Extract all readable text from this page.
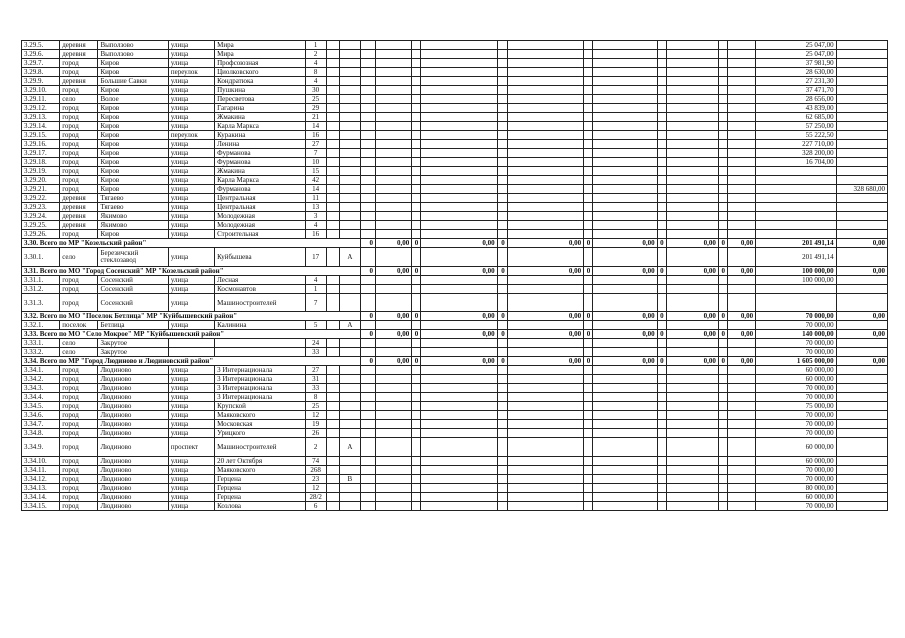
3.29.5.	деревня	Выползово	улица	Мира	1															25 047,00	
3.29.6.	деревня	Выползово	улица	Мира	2															25 047,00	
3.29.7.	город	Киров	улица	Профсоюзная	4															37 981,90	
3.29.8.	город	Киров	переулок	Циолковского	8															28 630,00	
3.29.9.	деревня	Большие Савки	улица	Кондратюка	4															27 231,30	
3.29.10.	город	Киров	улица	Пушкина	30															37 471,70	
3.29.11.	село	Волое	улица	Пересветова	25															28 656,00	
3.29.12.	город	Киров	улица	Гагарина	29															43 839,00	
3.29.13.	город	Киров	улица	Жмакина	21															62 685,00	
3.29.14.	город	Киров	улица	Карла Маркса	14															57 250,00	
3.29.15.	город	Киров	переулок	Куракина	16															55 222,50	
3.29.16.	город	Киров	улица	Ленина	27															227 710,00	
3.29.17.	город	Киров	улица	Фурманова	7															328 200,00	
3.29.18.	город	Киров	улица	Фурманова	10															16 704,00	
3.29.19.	город	Киров	улица	Жмакина	15																
3.29.20.	город	Киров	улица	Карла Маркса	42																
3.29.21.	город	Киров	улица	Фурманова	14																328 680,00
3.29.22.	деревня	Тягаево	улица	Центральная	11																
3.29.23.	деревня	Тягаево	улица	Центральная	13																
3.29.24.	деревня	Якимово	улица	Молодежная	3																
3.29.25.	деревня	Якимово	улица	Молодежная	4																
3.29.26.	город	Киров	улица	Строительная	16																
3.30. Всего по МР "Козельский район"								0	0,00	0	0,00	0	0,00	0	0,00	0	0,00	0	0,00	201 491,14	0,00
3.30.1.	село	Березичский стеклозавод	улица	Куйбышева	17		А													201 491,14	
3.31. Всего по МО "Город Сосенский" МР "Козельский район"								0	0,00	0	0,00	0	0,00	0	0,00	0	0,00	0	0,00	100 000,00	0,00
3.31.1.	город	Сосенский	улица	Лесная	4															100 000,00	
3.31.2.	город	Сосенский	улица	Космонавтов	1																
3.31.3.	город	Сосенский	улица	Машиностроителей	7																
3.32. Всего по МО "Поселок Бетлица" МР "Куйбышевский район"								0	0,00	0	0,00	0	0,00	0	0,00	0	0,00	0	0,00	70 000,00	0,00
3.32.1.	поселок	Бетлица	улица	Калинина	5		А													70 000,00	
3.33. Всего по МО "Село Мокрое" МР "Куйбышевский район"								0	0,00	0	0,00	0	0,00	0	0,00	0	0,00	0	0,00	140 000,00	0,00
3.33.1.	село	Закрутое			24															70 000,00	
3.33.2.	село	Закрутое			33															70 000,00	
3.34. Всего по МР "Город Людиново и Людиновский район"								0	0,00	0	0,00	0	0,00	0	0,00	0	0,00	0	0,00	1 605 000,00	0,00
3.34.1.	город	Людиново	улица	3 Интернационала	27															60 000,00	
3.34.2.	город	Людиново	улица	3 Интернационала	31															60 000,00	
3.34.3.	город	Людиново	улица	3 Интернационала	33															70 000,00	
3.34.4.	город	Людиново	улица	3 Интернационала	8															70 000,00	
3.34.5.	город	Людиново	улица	Крупской	25															75 000,00	
3.34.6.	город	Людиново	улица	Маяковского	12															70 000,00	
3.34.7.	город	Людиново	улица	Московская	19															70 000,00	
3.34.8.	город	Людиново	улица	Урицкого	26															70 000,00	
3.34.9.	город	Людиново	проспект	Машиностроителей	2		А													60 000,00	
3.34.10.	город	Людиново	улица	20 лет Октября	74															60 000,00	
3.34.11.	город	Людиново	улица	Маяковского	268															70 000,00	
3.34.12.	город	Людиново	улица	Герцена	23		В													70 000,00	
3.34.13.	город	Людиново	улица	Герцена	12															80 000,00	
3.34.14.	город	Людиново	улица	Герцена	28/2															60 000,00	
3.34.15.	город	Людиново	улица	Козлова	6															70 000,00	
